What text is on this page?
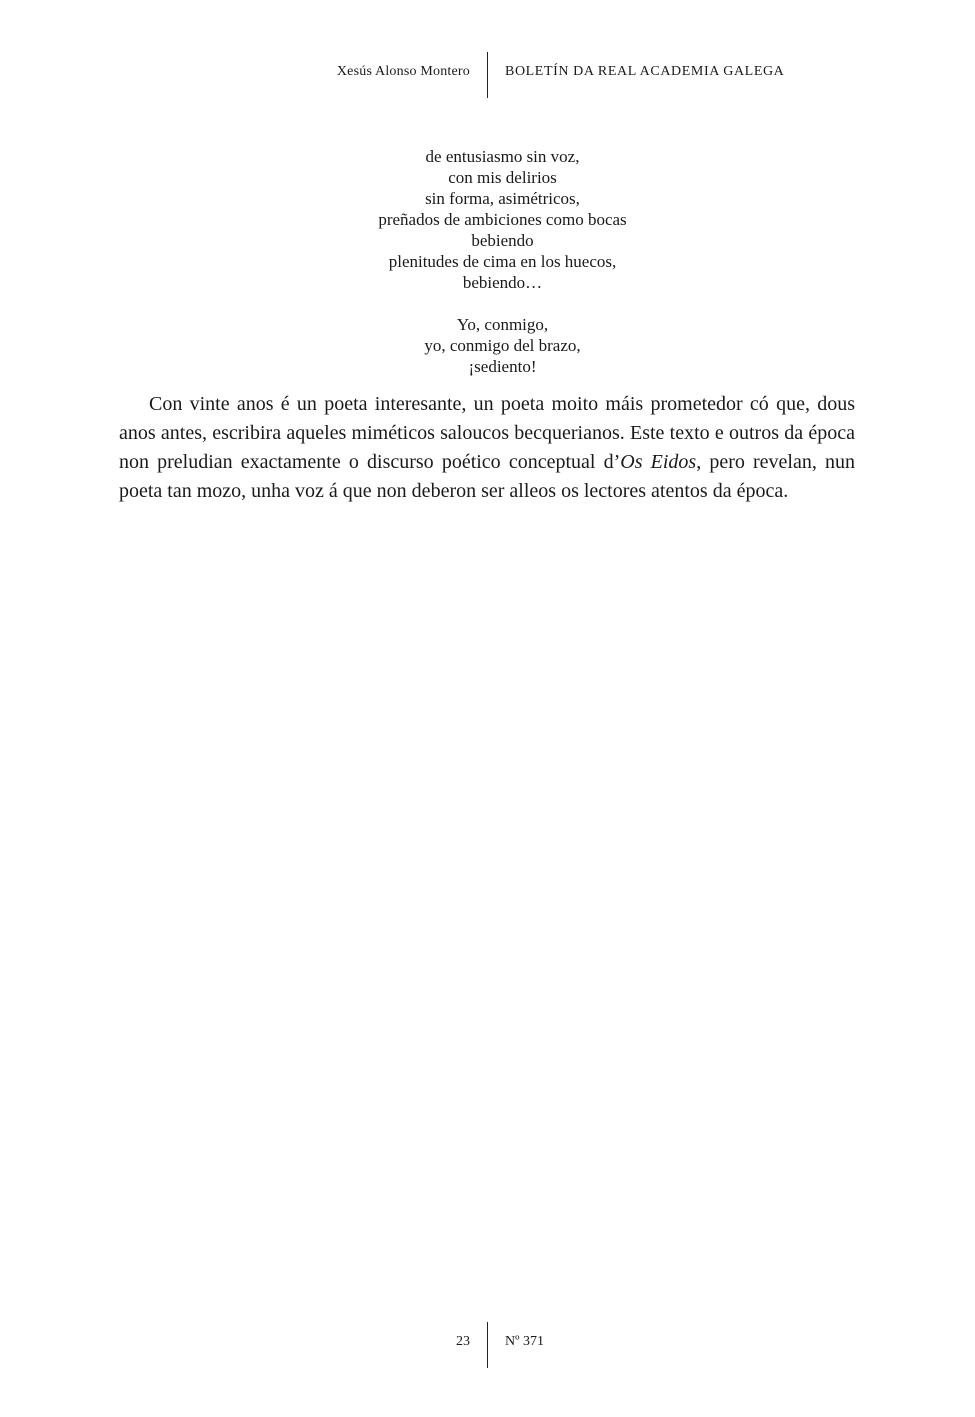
Xesús Alonso Montero	BOLETÍN DA REAL ACADEMIA GALEGA

de entusiasmo sin voz,
con mis delirios
sin forma, asimétricos,
preñados de ambiciones como bocas
bebiendo
plenitudes de cima en los huecos,
bebiendo…

Yo, conmigo,
yo, conmigo del brazo,
¡sediento!

Con vinte anos é un poeta interesante, un poeta moito máis prometedor có que, dous anos antes, escribira aqueles miméticos saloucos becquerianos. Este texto e outros da época non preludian exactamente o discurso poético conceptual d’Os Eidos, pero revelan, nun poeta tan mozo, unha voz á que non deberon ser alleos os lectores atentos da época.

23	Nº 371
